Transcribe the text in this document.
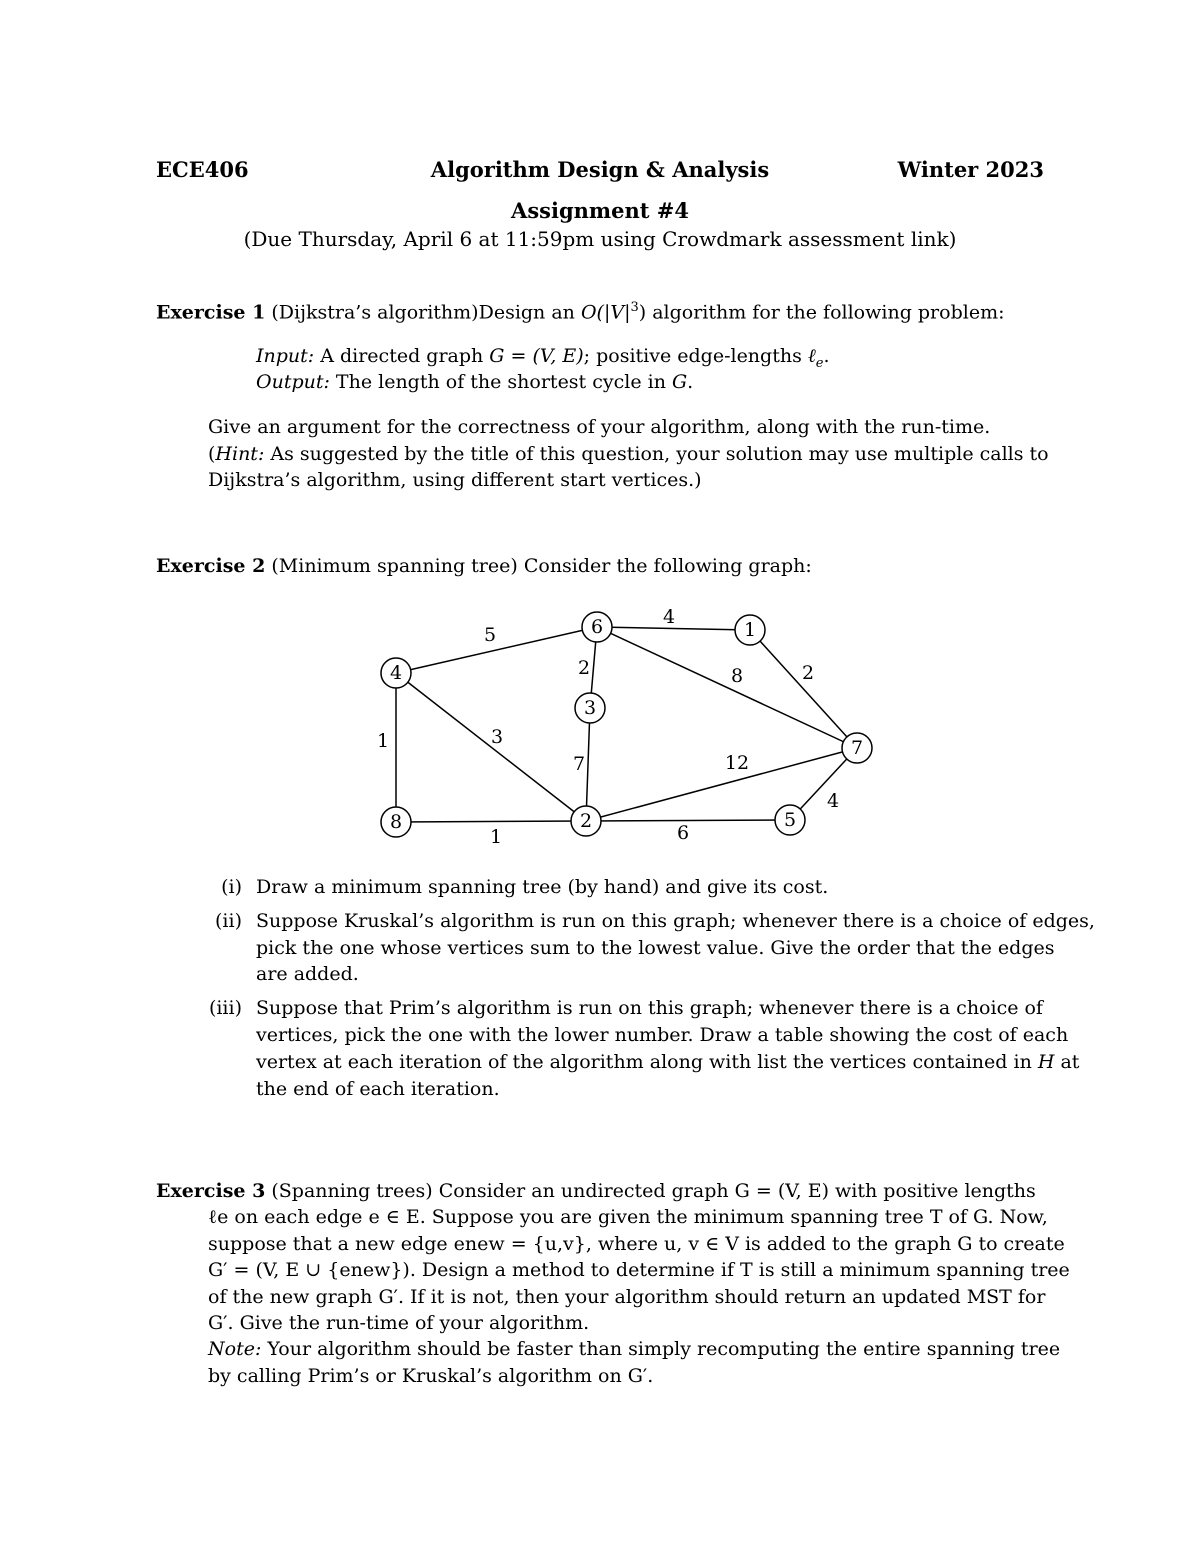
ECE406	Algorithm Design & Analysis	Winter 2023
Assignment #4
(Due Thursday, April 6 at 11:59pm using Crowdmark assessment link)
Exercise 1 (Dijkstra’s algorithm)Design an $O(|V|^3)$ algorithm for the following problem:
Input: A directed graph G = (V, E); positive edge-lengths ℓ$_e$.
Output: The length of the shortest cycle in G.
Give an argument for the correctness of your algorithm, along with the run-time.
(Hint: As suggested by the title of this question, your solution may use multiple calls to
Dijkstra’s algorithm, using different start vertices.)
Exercise 2 (Minimum spanning tree) Consider the following graph:
6	1
4
3
7
8	2	5
5
4
2	8	2
3
1
7	12
1	6
4
(i) Draw a minimum spanning tree (by hand) and give its cost.
(ii) Suppose Kruskal’s algorithm is run on this graph; whenever there is a choice of edges,
pick the one whose vertices sum to the lowest value. Give the order that the edges
are added.
(iii) Suppose that Prim’s algorithm is run on this graph; whenever there is a choice of
vertices, pick the one with the lower number. Draw a table showing the cost of each
vertex at each iteration of the algorithm along with list the vertices contained in H at
the end of each iteration.
Exercise 3 (Spanning trees) Consider an undirected graph G = (V, E) with positive lengths
ℓe on each edge e ∈ E. Suppose you are given the minimum spanning tree T of G. Now,
suppose that a new edge enew = {u,v}, where u, v ∈ V is added to the graph G to create
G′ = (V, E ∪ {enew}). Design a method to determine if T is still a minimum spanning tree
of the new graph G′. If it is not, then your algorithm should return an updated MST for
G′. Give the run-time of your algorithm.
Note: Your algorithm should be faster than simply recomputing the entire spanning tree
by calling Prim’s or Kruskal’s algorithm on G′.
